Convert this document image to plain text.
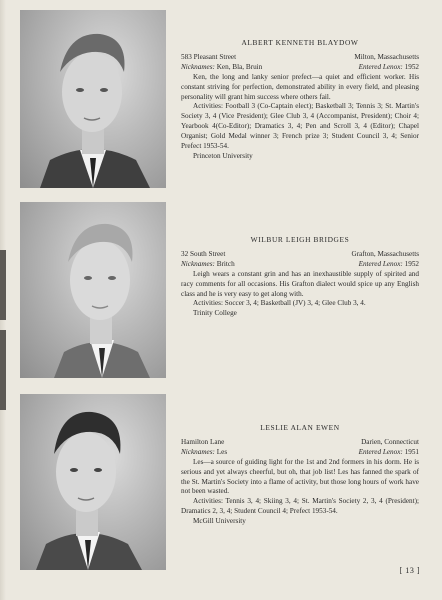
ALBERT KENNETH BLAYDOW
583 Pleasant Street	Milton, Massachusetts
Nicknames: Ken, Bla, Bruin	Entered Lenox: 1952

Ken, the long and lanky senior prefect—a quiet and efficient worker. His constant striving for perfection, demonstrated ability in every field, and pleasing personality will grant him success where others fail.

Activities: Football 3 (Co-Captain elect); Basketball 3; Tennis 3; St. Martin's Society 3, 4 (Vice President); Glee Club 3, 4 (Accompanist, President); Choir 4; Yearbook 4(Co-Editor); Dramatics 3, 4; Pen and Scroll 3, 4 (Editor); Chapel Organist; Gold Medal winner 3; French prize 3; Student Council 3, 4; Senior Prefect 1953-54.

Princeton University

WILBUR LEIGH BRIDGES
32 South Street	Grafton, Massachusetts
Nicknames: Britch	Entered Lenox: 1952

Leigh wears a constant grin and has an inexhaustible supply of spirited and racy comments for all occasions. His Grafton dialect would spice up any English class and he is very easy to get along with.

Activities: Soccer 3, 4; Basketball (JV) 3, 4; Glee Club 3, 4.

Trinity College

LESLIE ALAN EWEN
Hamilton Lane	Darien, Connecticut
Nicknames: Les	Entered Lenox: 1951

Les—a source of guiding light for the 1st and 2nd formers in his dorm. He is serious and yet always cheerful, but oh, that job list! Les has fanned the spark of the St. Martin's Society into a flame of activity, but those long hours of work have not been wasted.

Activities: Tennis 3, 4; Skiing 3, 4; St. Martin's Society 2, 3, 4 (President); Dramatics 2, 3, 4; Student Council 4; Prefect 1953-54.

McGill University

[ 13 ]
